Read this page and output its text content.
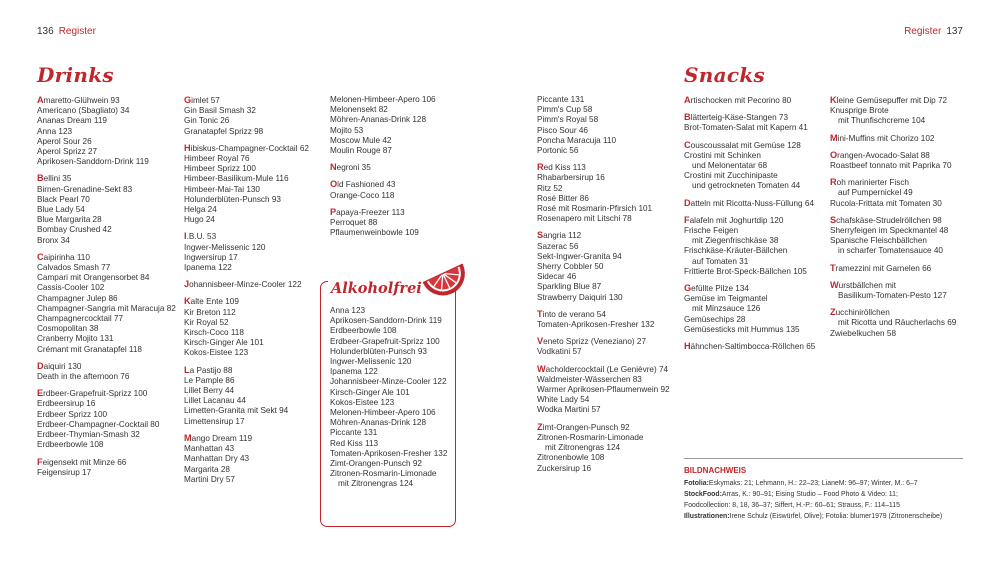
136 Register	Register 137
Drinks	Snacks
Amaretto-Glühwein 93
Americano (Sbagliato) 34
Ananas Dream 119
Anna 123
Aperol Sour 26
Aperol Sprizz 27
Aprikosen-Sanddorn-Drink 119
Bellini 35
Birnen-Grenadine-Sekt 83
Black Pearl 70
Blue Lady 54
Blue Margarita 28
Bombay Crushed 42
Bronx 34
Caipirinha 110
Calvados Smash 77
Campari mit Orangensorbet 84
Cassis-Cooler 102
Champagner Julep 86
Champagner-Sangria mit Maracuja 82
Champagnercocktail 77
Cosmopolitan 38
Cranberry Mojito 131
Crémant mit Granatapfel 118
Daiquiri 130
Death in the afternoon 76
Erdbeer-Grapefruit-Sprizz 100
Erdbeersirup 16
Erdbeer Sprizz 100
Erdbeer-Champagner-Cocktail 80
Erdbeer-Thymian-Smash 32
Erdbeerbowle 108
Feigensekt mit Minze 66
Feigensirup 17
Gimlet 57
Gin Basil Smash 32
Gin Tonic 26
Granatapfel Sprizz 98
Hibiskus-Champagner-Cocktail 62
Himbeer Royal 76
Himbeer Sprizz 100
Himbeer-Basilikum-Mule 116
Himbeer-Mai-Tai 130
Holunderblüten-Punsch 93
Helga 24
Hugo 24
I.B.U. 53
Ingwer-Melissenic 120
Ingwersirup 17
Ipanema 122
Johannisbeer-Minze-Cooler 122
Kalte Ente 109
Kir Breton 112
Kir Royal 52
Kirsch-Coco 118
Kirsch-Ginger Ale 101
Kokos-Eistee 123
La Pastijo 88
Le Pample 86
Lillet Berry 44
Lillet Lacanau 44
Limetten-Granita mit Sekt 94
Limettensirup 17
Mango Dream 119
Manhattan 43
Manhattan Dry 43
Margarita 28
Martini Dry 57
Melonen-Himbeer-Apero 106
Melonensekt 82
Möhren-Ananas-Drink 128
Mojito 53
Moscow Mule 42
Moulin Rouge 87
Negroni 35
Old Fashioned 43
Orange-Coco 118
Papaya-Freezer 113
Perroquet 88
Pflaumenweinbowle 109
Piccante 131
Pimm's Cup 58
Pimm's Royal 58
Pisco Sour 46
Poncha Maracuja 110
Portonic 56
Red Kiss 113
Rhabarbersirup 16
Ritz 52
Rosé Bitter 86
Rosé mit Rosmarin-Pfirsich 101
Rosenapero mit Litschi 78
Sangria 112
Sazerac 56
Sekt-Ingwer-Granita 94
Sherry Cobbler 50
Sidecar 46
Sparkling Blue 87
Strawberry Daiquiri 130
Tinto de verano 54
Tomaten-Aprikosen-Fresher 132
Veneto Sprizz (Veneziano) 27
Vodkatini 57
Wacholdercocktail (Le Genièvre) 74
Waldmeister-Wässerchen 83
Warmer Aprikosen-Pflaumenwein 92
White Lady 54
Wodka Martini 57
Zimt-Orangen-Punsch 92
Zitronen-Rosmarin-Limonade
mit Zitronengras 124
Zitronenbowle 108
Zuckersirup 16
Artischocken mit Pecorino 80
Blätterteig-Käse-Stangen 73
Brot-Tomaten-Salat mit Kapern 41
Couscoussalat mit Gemüse 128
Crostini mit Schinken
und Melonentatar 68
Crostini mit Zucchinipaste
und getrockneten Tomaten 44
Datteln mit Ricotta-Nuss-Füllung 64
Falafeln mit Joghurtdip 120
Frische Feigen
mit Ziegenfrischkäse 38
Frischkäse-Kräuter-Bällchen
auf Tomaten 31
Frittierte Brot-Speck-Bällchen 105
Gefüllte Pilze 134
Gemüse im Teigmantel
mit Minzsauce 126
Gemüsechips 28
Gemüsesticks mit Hummus 135
Hähnchen-Saltimbocca-Röllchen 65
Kleine Gemüsepuffer mit Dip 72
Knusprige Brote
mit Thunfischcreme 104
Mini-Muffins mit Chorizo 102
Orangen-Avocado-Salat 88
Roastbeef tonnato mit Paprika 70
Roh marinierter Fisch
auf Pumpernickel 49
Rucola-Frittata mit Tomaten 30
Schafskäse-Strudelröllchen 98
Sherryfeigen im Speckmantel 48
Spanische Fleischbällchen
in scharfer Tomatensauce 40
Tramezzini mit Garnelen 66
Wurstbällchen mit
Basilikum-Tomaten-Pesto 127
Zucchiniröllchen
mit Ricotta und Räucherlachs 69
Zwiebelkuchen 58
Alkoholfrei
Anna 123
Aprikosen-Sanddorn-Drink 119
Erdbeerbowle 108
Erdbeer-Grapefruit-Sprizz 100
Holunderblüten-Punsch 93
Ingwer-Melissenic 120
Ipanema 122
Johannisbeer-Minze-Cooler 122
Kirsch-Ginger Ale 101
Kokos-Eistee 123
Melonen-Himbeer-Apero 106
Möhren-Ananas-Drink 128
Piccante 131
Red Kiss 113
Tomaten-Aprikosen-Fresher 132
Zimt-Orangen-Punsch 92
Zitronen-Rosmarin-Limonade
mit Zitronengras 124
BILDNACHWEIS
Fotolia:Eskymaks: 21; Lehmann, H.: 22–23; LianeM: 96–97; Winter, M.: 6–7
StockFood:Arras, K.: 90–91; Eising Studio – Food Photo & Video: 11;
Foodcollection: 8, 18, 36–37; Siffert, H.-P.: 60–61; Strauss, F.: 114–115
Illustrationen:Irene Schulz (Eiswürfel, Olive); Fotolia: blumer1979 (Zitronenscheibe)
